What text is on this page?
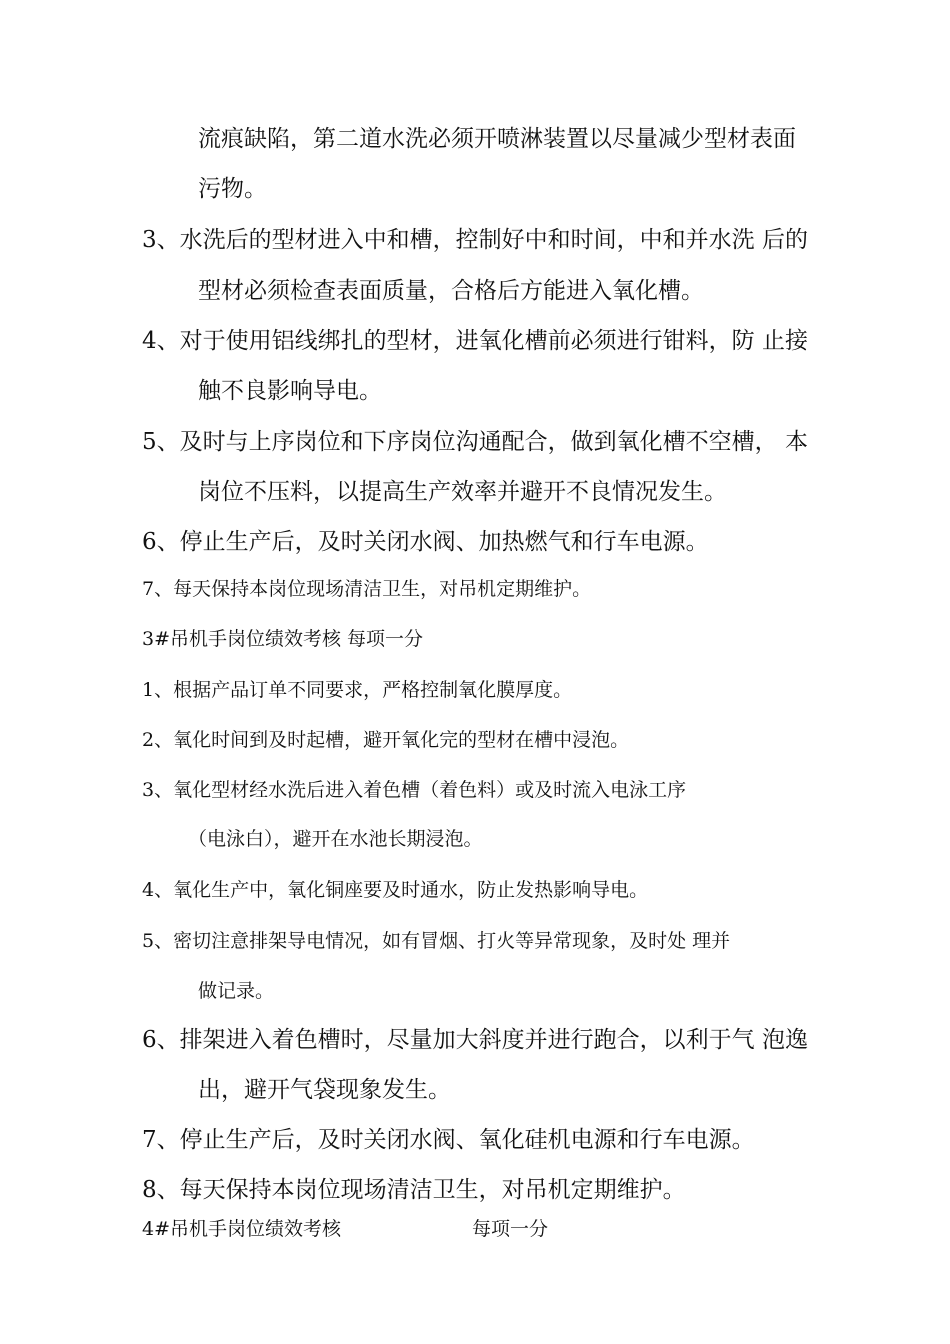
流痕缺陷，第二道水洗必须开喷淋装置以尽量减少型材表面
污物。
3、水洗后的型材进入中和槽，控制好中和时间，中和并水洗 后的
型材必须检查表面质量，合格后方能进入氧化槽。
4、对于使用铝线绑扎的型材，进氧化槽前必须进行钳料，防 止接
触不良影响导电。
5、及时与上序岗位和下序岗位沟通配合，做到氧化槽不空槽， 本
岗位不压料，以提高生产效率并避开不良情况发生。
6、停止生产后，及时关闭水阀、加热燃气和行车电源。
7、每天保持本岗位现场清洁卫生，对吊机定期维护。
3#吊机手岗位绩效考核 每项一分
1、根据产品订单不同要求，严格控制氧化膜厚度。
2、氧化时间到及时起槽，避开氧化完的型材在槽中浸泡。
3、氧化型材经水洗后进入着色槽（着色料）或及时流入电泳工序
（电泳白），避开在水池长期浸泡。
4、氧化生产中，氧化铜座要及时通水，防止发热影响导电。
5、密切注意排架导电情况，如有冒烟、打火等异常现象，及时处 理并
做记录。
6、排架进入着色槽时，尽量加大斜度并进行跑合，以利于气 泡逸
出，避开气袋现象发生。
7、停止生产后，及时关闭水阀、氧化硅机电源和行车电源。
8、每天保持本岗位现场清洁卫生，对吊机定期维护。
4#吊机手岗位绩效考核	每项一分
